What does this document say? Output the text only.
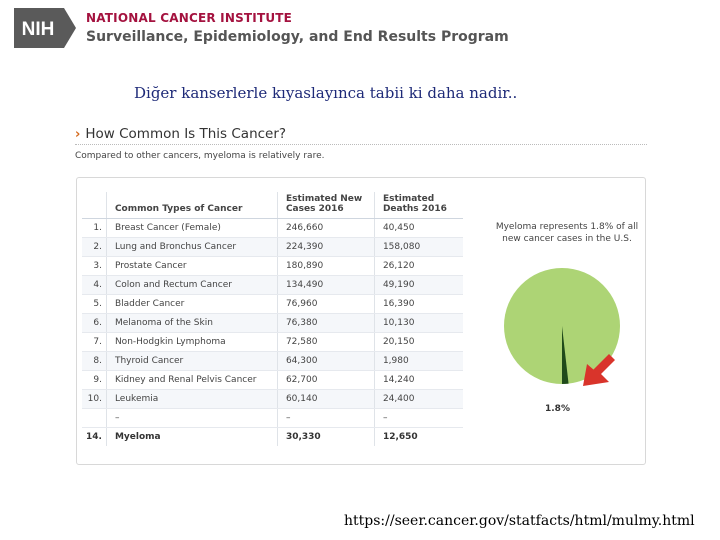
NIH
NATIONAL CANCER INSTITUTE
Surveillance, Epidemiology, and End Results Program
Diğer kanserlerle kıyaslayınca tabii ki daha nadir..
› How Common Is This Cancer?
Compared to other cancers, myeloma is relatively rare.
	Common Types of Cancer	Estimated New Cases 2016	Estimated Deaths 2016
1.	Breast Cancer (Female)	246,660	40,450
2.	Lung and Bronchus Cancer	224,390	158,080
3.	Prostate Cancer	180,890	26,120
4.	Colon and Rectum Cancer	134,490	49,190
5.	Bladder Cancer	76,960	16,390
6.	Melanoma of the Skin	76,380	10,130
7.	Non-Hodgkin Lymphoma	72,580	20,150
8.	Thyroid Cancer	64,300	1,980
9.	Kidney and Renal Pelvis Cancer	62,700	14,240
10.	Leukemia	60,140	24,400
	–	–	–
14.	Myeloma	30,330	12,650
Myeloma represents 1.8% of all new cancer cases in the U.S.
1.8%
https://seer.cancer.gov/statfacts/html/mulmy.html
